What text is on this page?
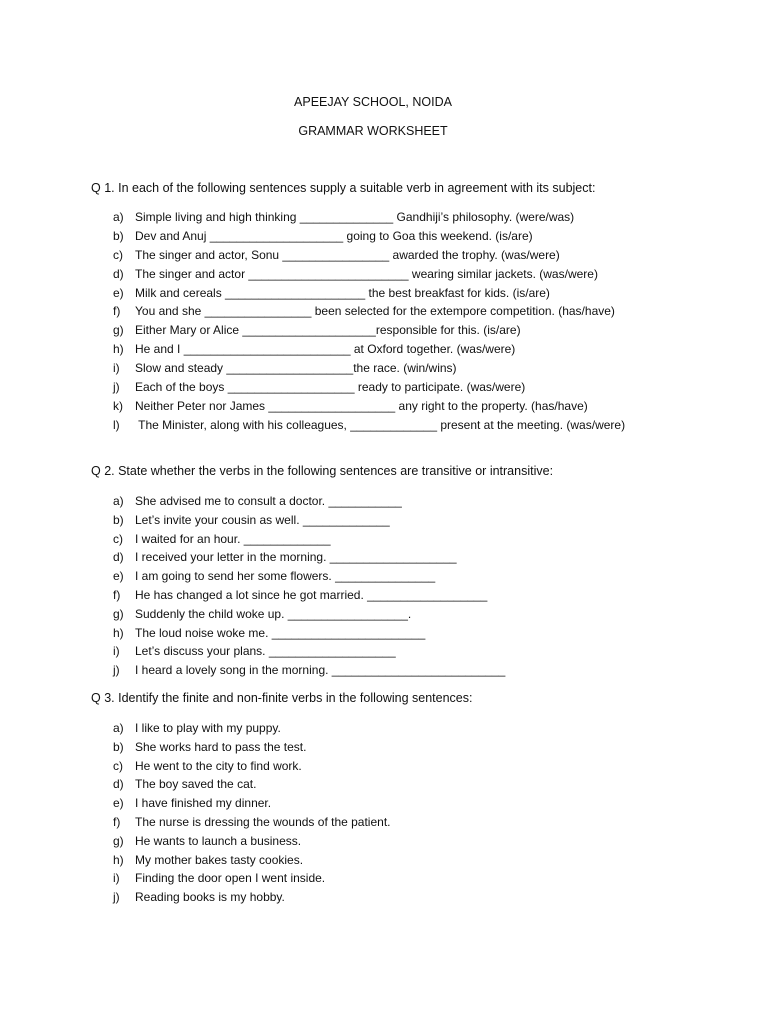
APEEJAY SCHOOL, NOIDA
GRAMMAR WORKSHEET

Q 1. In each of the following sentences supply a suitable verb in agreement with its subject:

a) Simple living and high thinking ______________ Gandhiji’s philosophy. (were/was)
b) Dev and Anuj ____________________ going to Goa this weekend. (is/are)
c)	The singer and actor, Sonu ________________ awarded the trophy. (was/were)
d) The singer and actor ________________________ wearing similar jackets. (was/were)
e) Milk and cereals _____________________ the best breakfast for kids. (is/are)
f)	You and she ________________ been selected for the extempore competition. (has/have)
g) Either Mary or Alice ____________________responsible for this. (is/are)
h) He and I _________________________ at Oxford together. (was/were)
i)	Slow and steady ___________________the race. (win/wins)
j)	Each of the boys ___________________ ready to participate. (was/were)
k)	Neither Peter nor James ___________________ any right to the property. (has/have)
l)	The Minister, along with his colleagues, _____________ present at the meeting. (was/were)

Q 2. State whether the verbs in the following sentences are transitive or intransitive:

a) She advised me to consult a doctor. ___________
b) Let’s invite your cousin as well. _____________
c)	I waited for an hour. _____________
d) I received your letter in the morning. ___________________
e) I am going to send her some flowers. _______________
f)	He has changed a lot since he got married. __________________
g) Suddenly the child woke up. __________________.
h) The loud noise woke me. _______________________
i)	Let’s discuss your plans. ___________________
j)	I heard a lovely song in the morning. __________________________

Q 3. Identify the finite and non-finite verbs in the following sentences:

a) I like to play with my puppy.
b) She works hard to pass the test.
c)	He went to the city to find work.
d) The boy saved the cat.
e) I have finished my dinner.
f)	The nurse is dressing the wounds of the patient.
g) He wants to launch a business.
h) My mother bakes tasty cookies.
i)	Finding the door open I went inside.
j)	Reading books is my hobby.
